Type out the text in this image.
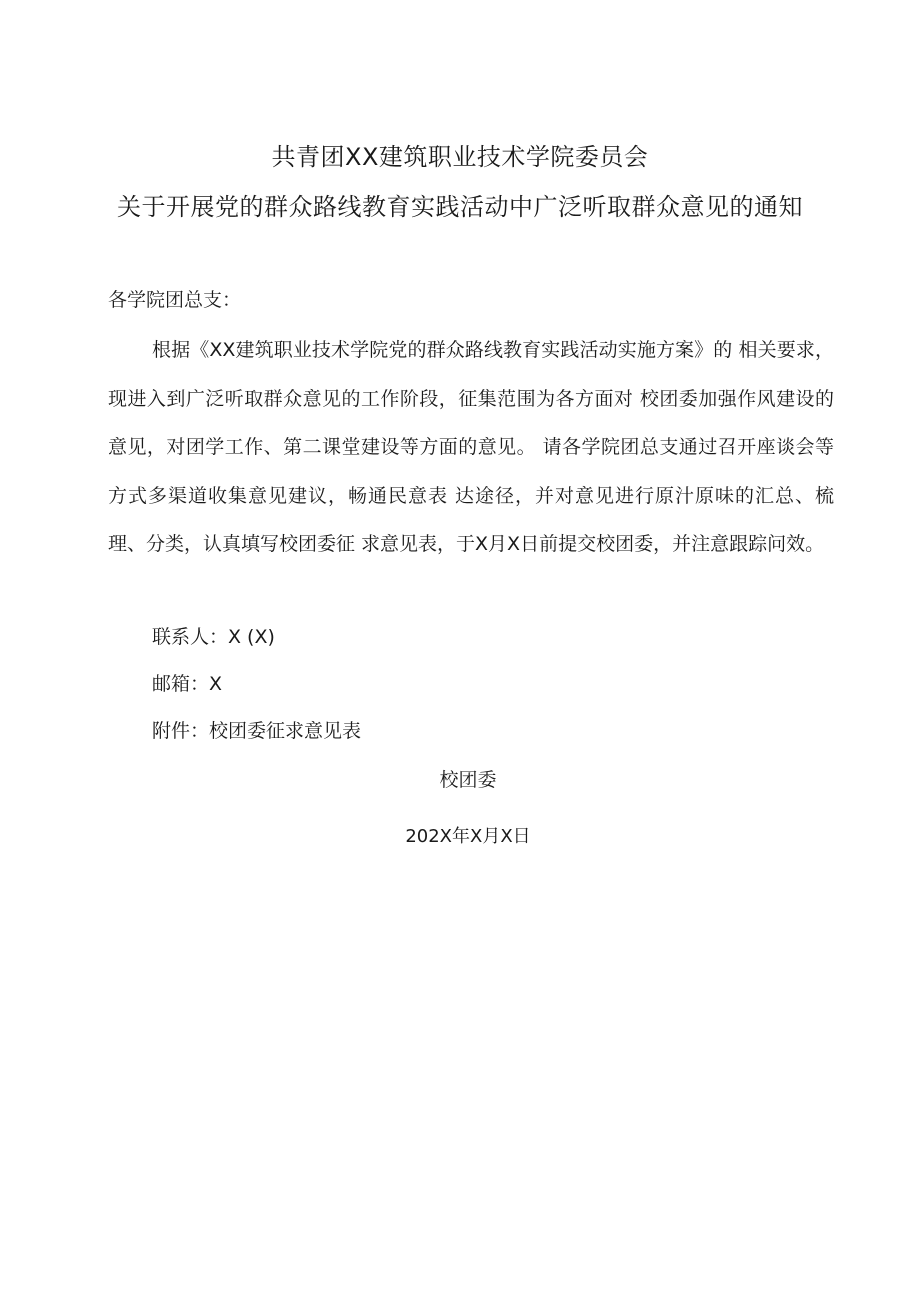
共青团XX建筑职业技术学院委员会
关于开展党的群众路线教育实践活动中广泛听取群众意见的通知
各学院团总支：
根据《XX建筑职业技术学院党的群众路线教育实践活动实施方案》的 相关要求，现进入到广泛听取群众意见的工作阶段，征集范围为各方面对 校团委加强作风建设的意见，对团学工作、第二课堂建设等方面的意见。 请各学院团总支通过召开座谈会等方式多渠道收集意见建议，畅通民意表 达途径，并对意见进行原汁原味的汇总、梳理、分类，认真填写校团委征 求意见表，于X月X日前提交校团委，并注意跟踪问效。
联系人：X (X)
邮箱：X
附件：校团委征求意见表
校团委
202X年X月X日
